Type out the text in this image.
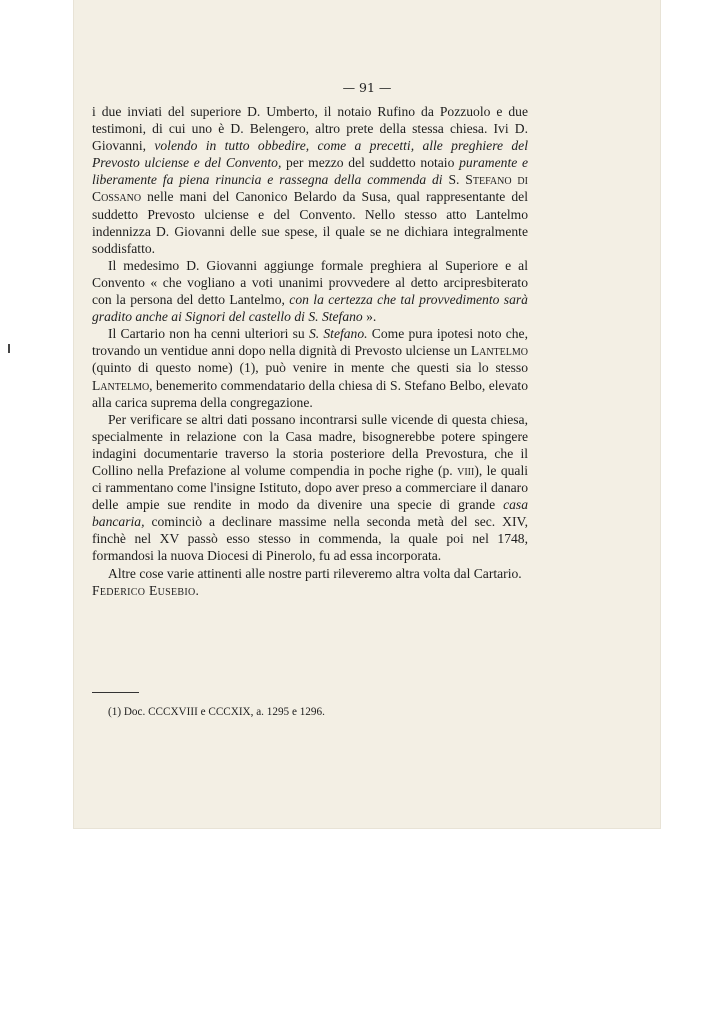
— 91 —

i due inviati del superiore D. Umberto, il notaio Rufino da Pozzuolo e due testimoni, di cui uno è D. Belengero, altro prete della stessa chiesa. Ivi D. Giovanni, volendo in tutto obbedire, come a precetti, alle preghiere del Prevosto ulciense e del Convento, per mezzo del suddetto notaio puramente e liberamente fa piena rinuncia e rassegna della commenda di S. Stefano di Cossano nelle mani del Canonico Belardo da Susa, qual rappresentante del suddetto Prevosto ulciense e del Convento. Nello stesso atto Lantelmo indennizza D. Giovanni delle sue spese, il quale se ne dichiara integralmente soddisfatto.

Il medesimo D. Giovanni aggiunge formale preghiera al Superiore e al Convento « che vogliano a voti unanimi provvedere al detto arcipresbiterato con la persona del detto Lantelmo, con la certezza che tal provvedimento sarà gradito anche ai Signori del castello di S. Stefano ».

Il Cartario non ha cenni ulteriori su S. Stefano. Come pura ipotesi noto che, trovando un ventidue anni dopo nella dignità di Prevosto ulciense un Lantelmo (quinto di questo nome) (1), può venire in mente che questi sia lo stesso Lantelmo, benemerito commendatario della chiesa di S. Stefano Belbo, elevato alla carica suprema della congregazione.

Per verificare se altri dati possano incontrarsi sulle vicende di questa chiesa, specialmente in relazione con la Casa madre, bisognerebbe potere spingere indagini documentarie traverso la storia posteriore della Prevostura, che il Collino nella Prefazione al volume compendia in poche righe (p. viii), le quali ci rammentano come l'insigne Istituto, dopo aver preso a commerciare il danaro delle ampie sue rendite in modo da divenire una specie di grande casa bancaria, cominciò a declinare massime nella seconda metà del sec. XIV, finchè nel XV passò esso stesso in commenda, la quale poi nel 1748, formandosi la nuova Diocesi di Pinerolo, fu ad essa incorporata.

Altre cose varie attinenti alle nostre parti rileveremo altra volta dal Cartario.

Federico Eusebio.

(1) Doc. CCCXVIII e CCCXIX, a. 1295 e 1296.
